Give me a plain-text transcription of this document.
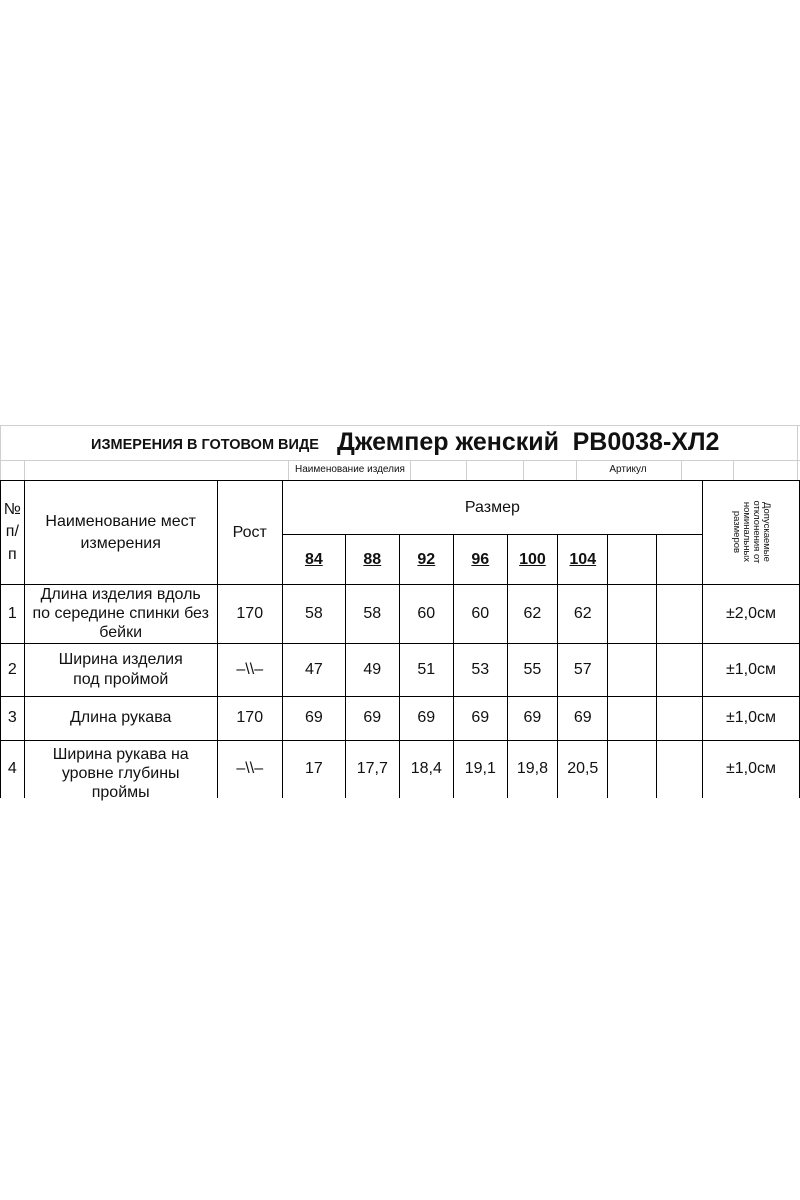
ИЗМЕРЕНИЯ В ГОТОВОМ ВИДЕ Джемпер женский РВ0038-ХЛ2
Наименование изделия	Артикул
№ п/п	Наименование мест измерения	Рост	Размер								Допускаемые отклонения от номинальных размеров
			84	88	92	96	100	104			
1	Длина изделия вдоль по середине спинки без бейки	170	58	58	60	60	62	62			±2,0см
2	Ширина изделия под проймой	–\\–	47	49	51	53	55	57			±1,0см
3	Длина рукава	170	69	69	69	69	69	69			±1,0см
4	Ширина рукава на уровне глубины проймы	–\\–	17	17,7	18,4	19,1	19,8	20,5			±1,0см
